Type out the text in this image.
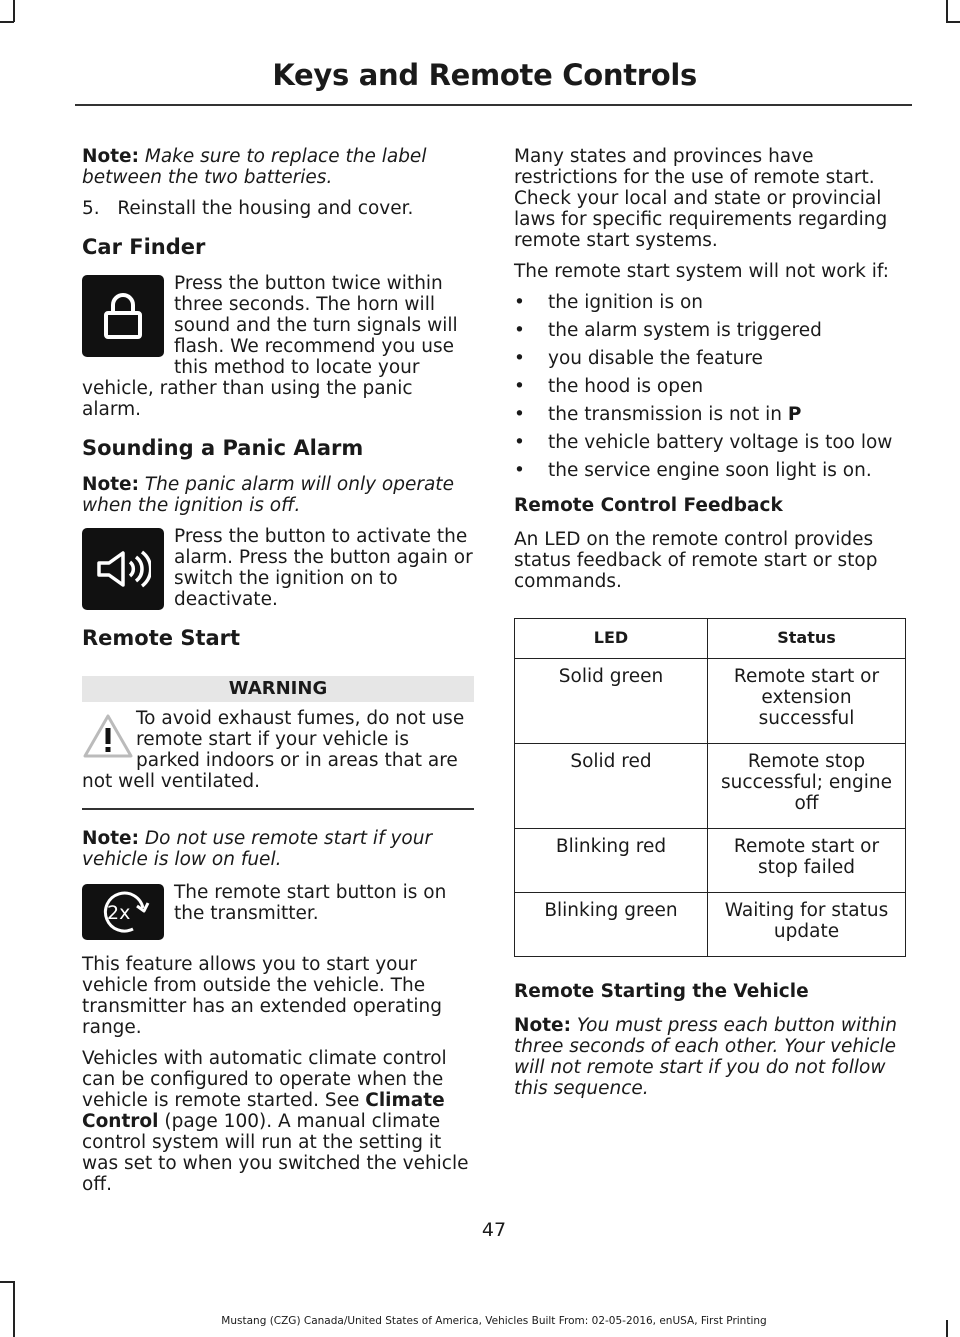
Keys and Remote Controls

Note: Make sure to replace the label between the two batteries.

5. Reinstall the housing and cover.

Car Finder

Press the button twice within three seconds. The horn will sound and the turn signals will flash. We recommend you use this method to locate your vehicle, rather than using the panic alarm.

Sounding a Panic Alarm

Note: The panic alarm will only operate when the ignition is off.

Press the button to activate the alarm. Press the button again or switch the ignition on to deactivate.

Remote Start
WARNING

To avoid exhaust fumes, do not use remote start if your vehicle is parked indoors or in areas that are not well ventilated.

Note: Do not use remote start if your vehicle is low on fuel.

2x

The remote start button is on the transmitter.

This feature allows you to start your vehicle from outside the vehicle. The transmitter has an extended operating range.

Vehicles with automatic climate control can be configured to operate when the vehicle is remote started. See Climate Control (page 100). A manual climate control system will run at the setting it was set to when you switched the vehicle off.

Many states and provinces have restrictions for the use of remote start. Check your local and state or provincial laws for specific requirements regarding remote start systems.

The remote start system will not work if:

• the ignition is on
• the alarm system is triggered
• you disable the feature
• the hood is open
• the transmission is not in P
• the vehicle battery voltage is too low
• the service engine soon light is on.
Remote Control Feedback

An LED on the remote control provides status feedback of remote start or stop commands.

LED	Status
Solid green	Remote start or extension successful
Solid red	Remote stop successful; engine off
Blinking red	Remote start or stop failed
Blinking green	Waiting for status update
Remote Starting the Vehicle

Note: You must press each button within three seconds of each other. Your vehicle will not remote start if you do not follow this sequence.

47
Mustang (CZG) Canada/United States of America, Vehicles Built From: 02-05-2016, enUSA, First Printing
